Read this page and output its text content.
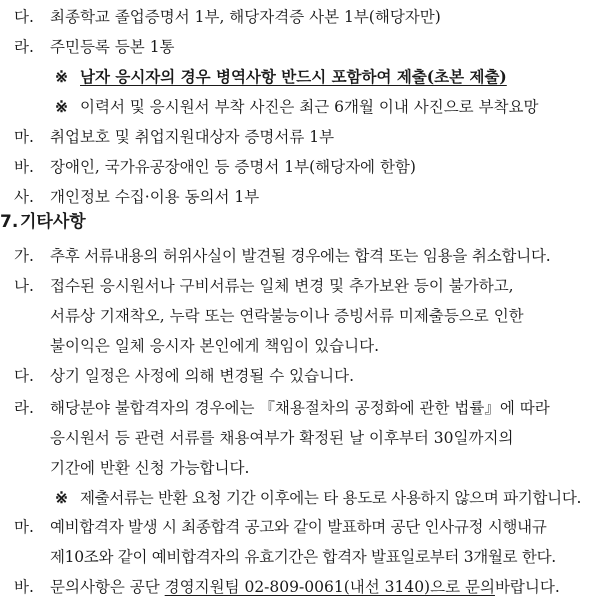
다. 최종학교 졸업증명서 1부, 해당자격증 사본 1부(해당자만)
라. 주민등록 등본 1통
※ 남자 응시자의 경우 병역사항 반드시 포함하여 제출(초본 제출)
※ 이력서 및 응시원서 부착 사진은 최근 6개월 이내 사진으로 부착요망
마. 취업보호 및 취업지원대상자 증명서류 1부
바. 장애인, 국가유공장애인 등 증명서 1부(해당자에 한함)
사. 개인정보 수집·이용 동의서 1부
7. 기타사항
가. 추후 서류내용의 허위사실이 발견될 경우에는 합격 또는 임용을 취소합니다.
나. 접수된 응시원서나 구비서류는 일체 변경 및 추가보완 등이 불가하고,
서류상 기재착오, 누락 또는 연락불능이나 증빙서류 미제출등으로 인한
불이익은 일체 응시자 본인에게 책임이 있습니다.
다. 상기 일정은 사정에 의해 변경될 수 있습니다.
라. 해당분야 불합격자의 경우에는 『채용절차의 공정화에 관한 법률』에 따라
응시원서 등 관련 서류를 채용여부가 확정된 날 이후부터 30일까지의
기간에 반환 신청 가능합니다.
※ 제출서류는 반환 요청 기간 이후에는 타 용도로 사용하지 않으며 파기합니다.
마. 예비합격자 발생 시 최종합격 공고와 같이 발표하며 공단 인사규정 시행내규
제10조와 같이 예비합격자의 유효기간은 합격자 발표일로부터 3개월로 한다.
바. 문의사항은 공단 경영지원팀 02-809-0061(내선 3140)으로 문의바랍니다.
